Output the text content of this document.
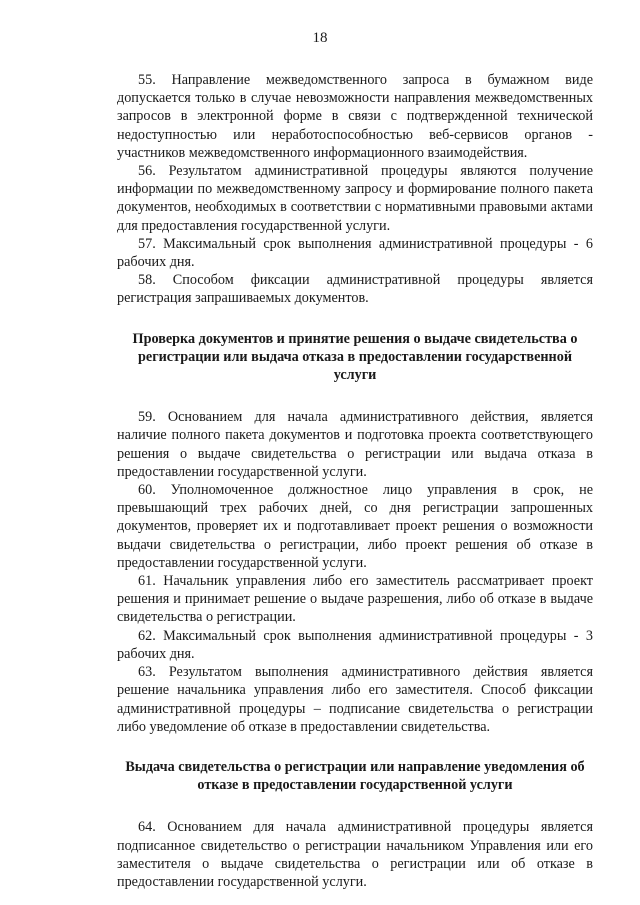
18

55. Направление межведомственного запроса в бумажном виде допускается только в случае невозможности направления межведомственных запросов в электронной форме в связи с подтвержденной технической недоступностью или неработоспособностью веб-сервисов органов - участников межведомственного информационного взаимодействия.

56. Результатом административной процедуры являются получение информации по межведомственному запросу и формирование полного пакета документов, необходимых в соответствии с нормативными правовыми актами для предоставления государственной услуги.

57. Максимальный срок выполнения административной процедуры - 6 рабочих дня.

58. Способом фиксации административной процедуры является регистрация запрашиваемых документов.

Проверка документов и принятие решения о выдаче свидетельства о регистрации или выдача отказа в предоставлении государственной услуги

59. Основанием для начала административного действия, является наличие полного пакета документов и подготовка проекта соответствующего решения о выдаче свидетельства о регистрации или выдача отказа в предоставлении государственной услуги.

60. Уполномоченное должностное лицо управления в срок, не превышающий трех рабочих дней, со дня регистрации запрошенных документов, проверяет их и подготавливает проект решения о возможности выдачи свидетельства о регистрации, либо проект решения об отказе в предоставлении государственной услуги.

61. Начальник управления либо его заместитель рассматривает проект решения и принимает решение о выдаче разрешения, либо об отказе в выдаче свидетельства о регистрации.

62. Максимальный срок выполнения административной процедуры - 3 рабочих дня.

63. Результатом выполнения административного действия является решение начальника управления либо его заместителя. Способ фиксации административной процедуры – подписание свидетельства о регистрации либо уведомление об отказе в предоставлении свидетельства.

Выдача свидетельства о регистрации или направление уведомления об отказе в предоставлении государственной услуги

64. Основанием для начала административной процедуры является подписанное свидетельство о регистрации начальником Управления или его заместителя о выдаче свидетельства о регистрации или об отказе в предоставлении государственной услуги.
